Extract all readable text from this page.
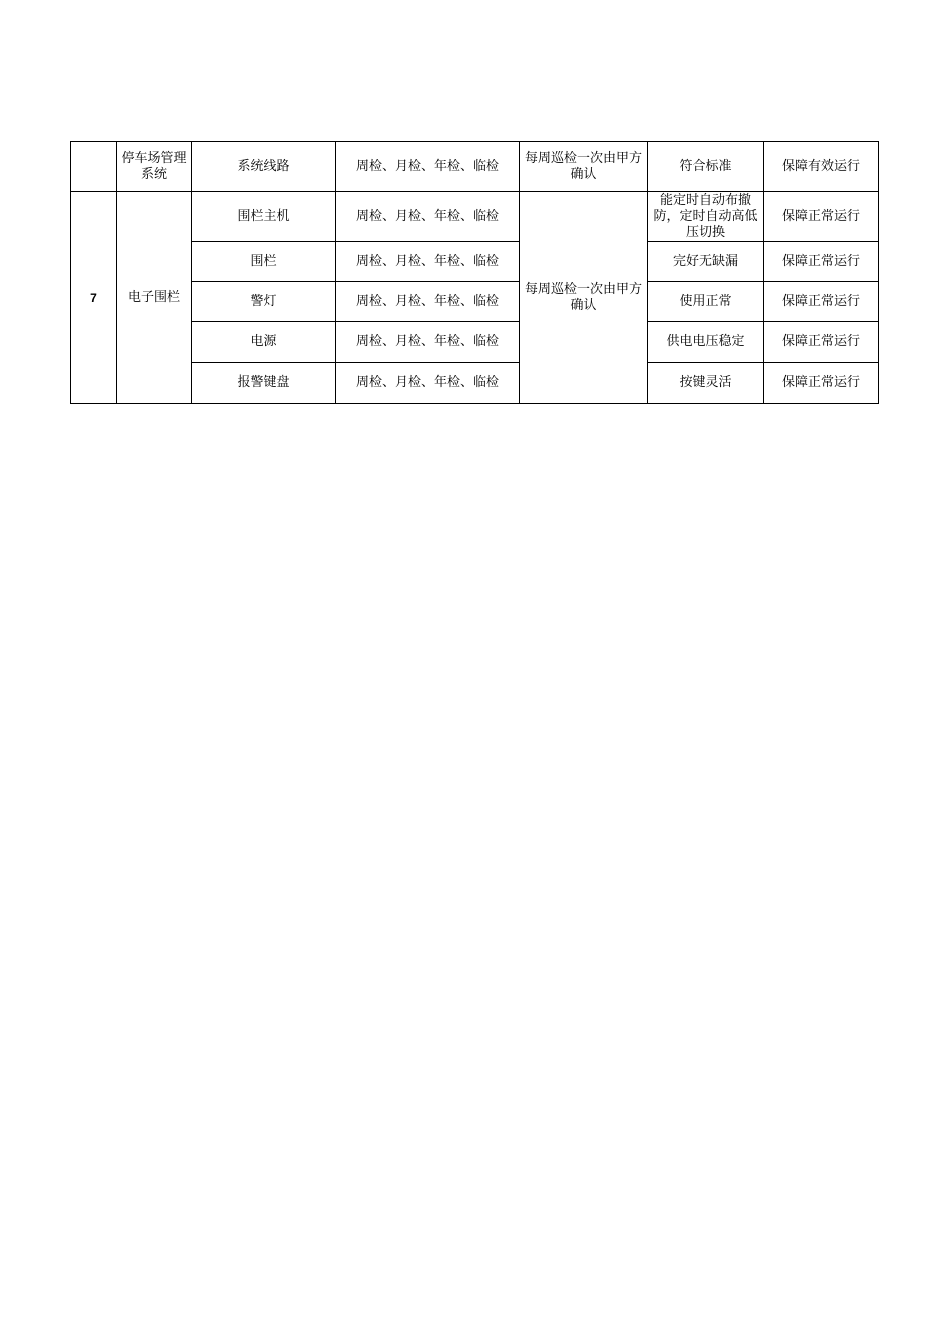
	停车场管理系统	系统线路	周检、月检、年检、临检	每周巡检一次由甲方确认	符合标准	保障有效运行
7	电子围栏	围栏主机	周检、月检、年检、临检	每周巡检一次由甲方确认	能定时自动布撤防，定时自动高低压切换	保障正常运行
		围栏	周检、月检、年检、临检		完好无缺漏	保障正常运行
		警灯	周检、月检、年检、临检		使用正常	保障正常运行
		电源	周检、月检、年检、临检		供电电压稳定	保障正常运行
		报警键盘	周检、月检、年检、临检		按键灵活	保障正常运行
